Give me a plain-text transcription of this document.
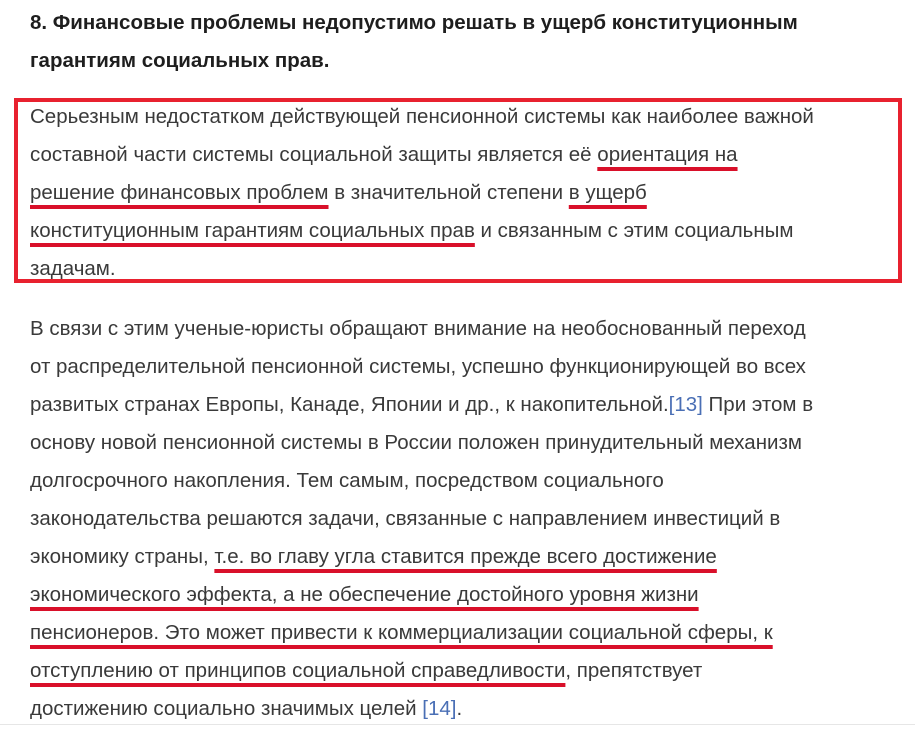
8. Финансовые проблемы недопустимо решать в ущерб конституционным
гарантиям социальных прав.
Серьезным недостатком действующей пенсионной системы как наиболее важной
составной части системы социальной защиты является её ориентация на
решение финансовых проблем в значительной степени в ущерб
конституционным гарантиям социальных прав и связанным с этим социальным
задачам.
В связи с этим ученые-юристы обращают внимание на необоснованный переход
от распределительной пенсионной системы, успешно функционирующей во всех
развитых странах Европы, Канаде, Японии и др., к накопительной.[13] При этом в
основу новой пенсионной системы в России положен принудительный механизм
долгосрочного накопления. Тем самым, посредством социального
законодательства решаются задачи, связанные с направлением инвестиций в
экономику страны, т.е. во главу угла ставится прежде всего достижение
экономического эффекта, а не обеспечение достойного уровня жизни
пенсионеров. Это может привести к коммерциализации социальной сферы, к
отступлению от принципов социальной справедливости, препятствует
достижению социально значимых целей [14].
